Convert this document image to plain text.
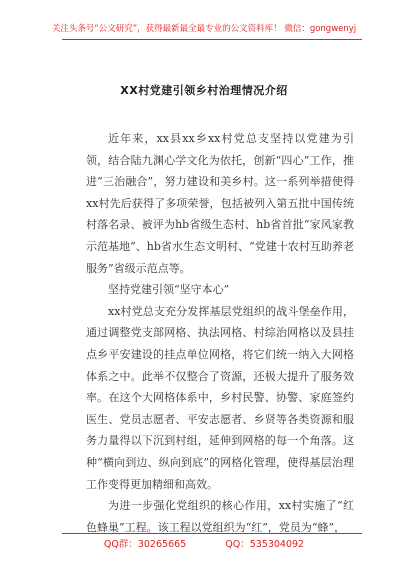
关注头条号“公文研究”，获得最新最全最专业的公文资料库！ 微信：gongwenyj
XX村党建引领乡村治理情况介绍

近年来，xx县xx乡xx村党总支坚持以党建为引领，结合陆九渊心学文化为依托，创新“四心”工作，推进“三治融合”，努力建设和美乡村。这一系列举措使得xx村先后获得了多项荣誉，包括被列入第五批中国传统村落名录、被评为hb省级生态村、hb省首批“家风家教示范基地”、hb省水生态文明村、“党建十农村互助养老服务”省级示范点等。

坚持党建引领“坚守本心”

xx村党总支充分发挥基层党组织的战斗堡垒作用，通过调整党支部网格、执法网格、村综治网格以及县挂点乡平安建设的挂点单位网格，将它们统一纳入大网格体系之中。此举不仅整合了资源，还极大提升了服务效率。在这个大网格体系中，乡村民警、协警、家庭签约医生、党员志愿者、平安志愿者、乡贤等各类资源和服务力量得以下沉到村组，延伸到网格的每一个角落。这种“横向到边、纵向到底”的网格化管理，使得基层治理工作变得更加精细和高效。

为进一步强化党组织的核心作用，xx村实施了“红色蜂巢”工程。该工程以党组织为“红”，党员为“蜂”，

QQ群：30265665	QQ：535304092
